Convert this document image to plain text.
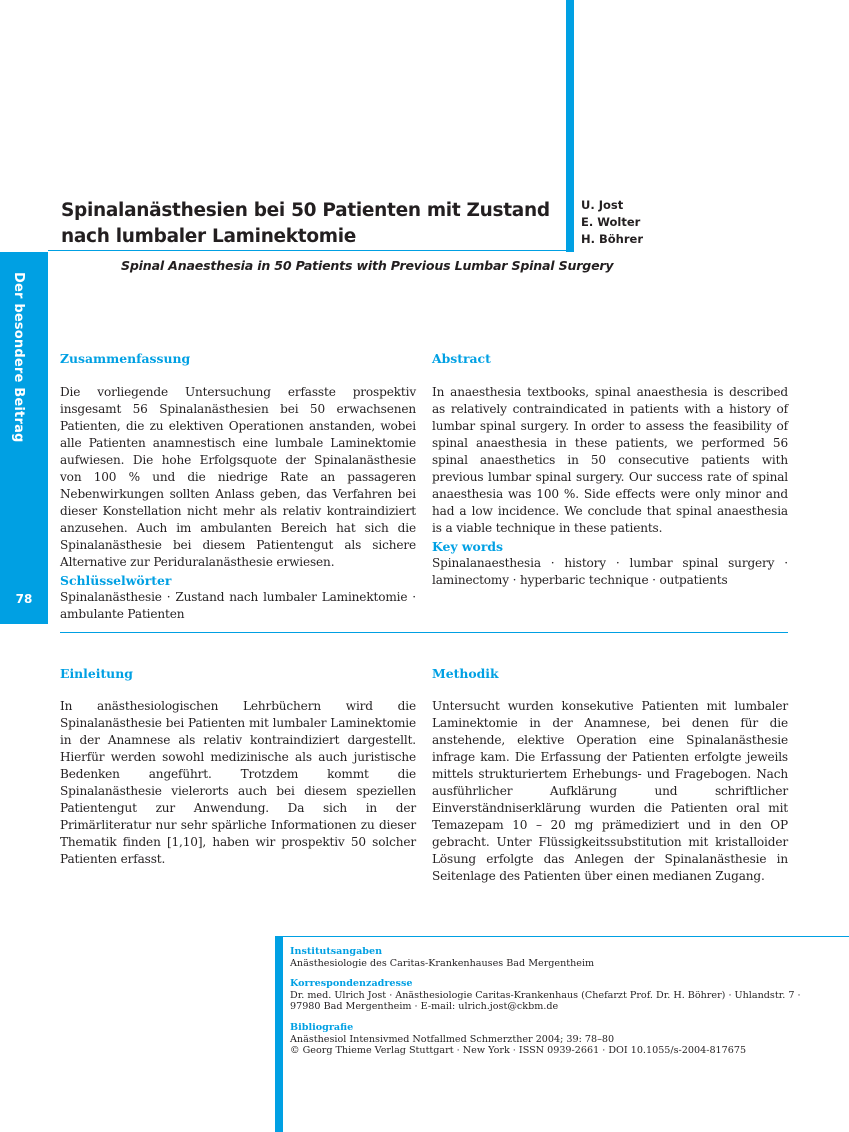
Der besondere Beitrag
78
Spinalanästhesien bei 50 Patienten mit Zustand
nach lumbaler Laminektomie
U. Jost
E. Wolter
H. Böhrer
Spinal Anaesthesia in 50 Patients with Previous Lumbar Spinal Surgery
Zusammenfassung

Die vorliegende Untersuchung erfasste prospektiv insgesamt 56 Spinalanästhesien bei 50 erwachsenen Patienten, die zu elektiven Operationen anstanden, wobei alle Patienten anamnestisch eine lumbale Laminektomie aufwiesen. Die hohe Erfolgsquote der Spinalanästhesie von 100 % und die niedrige Rate an passageren Nebenwirkungen sollten Anlass geben, das Verfahren bei dieser Konstellation nicht mehr als relativ kontraindiziert anzusehen. Auch im ambulanten Bereich hat sich die Spinalanästhesie bei diesem Patientengut als sichere Alternative zur Periduralanästhesie erwiesen.

Schlüsselwörter

Spinalanästhesie · Zustand nach lumbaler Laminektomie · ambulante Patienten

Abstract

In anaesthesia textbooks, spinal anaesthesia is described as relatively contraindicated in patients with a history of lumbar spinal surgery. In order to assess the feasibility of spinal anaesthesia in these patients, we performed 56 spinal anaesthetics in 50 consecutive patients with previous lumbar spinal surgery. Our success rate of spinal anaesthesia was 100 %. Side effects were only minor and had a low incidence. We conclude that spinal anaesthesia is a viable technique in these patients.

Key words

Spinalanaesthesia · history · lumbar spinal surgery · laminectomy · hyperbaric technique · outpatients

Einleitung

In anästhesiologischen Lehrbüchern wird die Spinalanästhesie bei Patienten mit lumbaler Laminektomie in der Anamnese als relativ kontraindiziert dargestellt. Hierfür werden sowohl medizinische als auch juristische Bedenken angeführt. Trotzdem kommt die Spinalanästhesie vielerorts auch bei diesem speziellen Patientengut zur Anwendung. Da sich in der Primärliteratur nur sehr spärliche Informationen zu dieser Thematik finden [1,10], haben wir prospektiv 50 solcher Patienten erfasst.

Methodik

Untersucht wurden konsekutive Patienten mit lumbaler Laminektomie in der Anamnese, bei denen für die anstehende, elektive Operation eine Spinalanästhesie infrage kam. Die Erfassung der Patienten erfolgte jeweils mittels strukturiertem Erhebungs- und Fragebogen. Nach ausführlicher Aufklärung und schriftlicher Einverständniserklärung wurden die Patienten oral mit Temazepam 10 – 20 mg prämediziert und in den OP gebracht. Unter Flüssigkeitssubstitution mit kristalloider Lösung erfolgte das Anlegen der Spinalanästhesie in Seitenlage des Patienten über einen medianen Zugang.

Institutsangaben
Anästhesiologie des Caritas-Krankenhauses Bad Mergentheim
Korrespondenzadresse
Dr. med. Ulrich Jost · Anästhesiologie Caritas-Krankenhaus (Chefarzt Prof. Dr. H. Böhrer) · Uhlandstr. 7 ·
97980 Bad Mergentheim · E-mail: ulrich.jost@ckbm.de
Bibliografie
Anästhesiol Intensivmed Notfallmed Schmerzther 2004; 39: 78–80
© Georg Thieme Verlag Stuttgart · New York · ISSN 0939-2661 · DOI 10.1055/s-2004-817675
